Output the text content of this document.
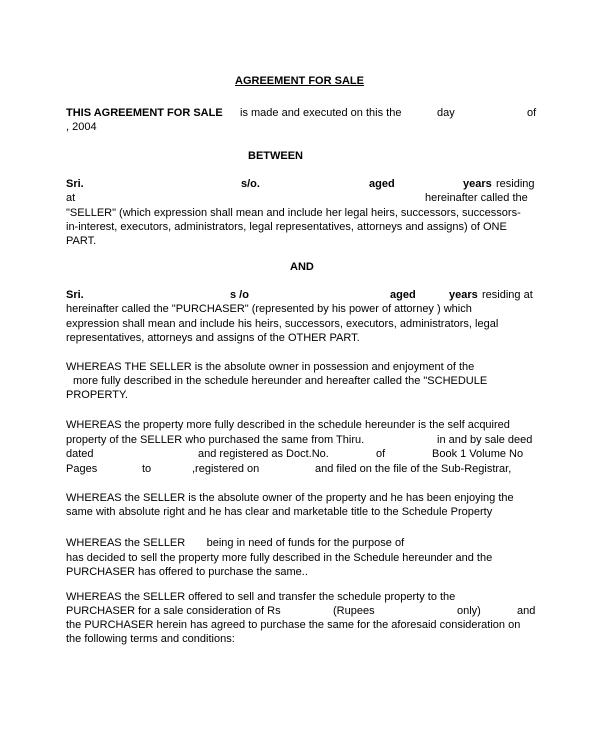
AGREEMENT FOR SALE
THIS AGREEMENT FOR SALE is made and executed on this the	day	of
, 2004
BETWEEN
Sri.	s/o.	aged	years residing
at	hereinafter called the
"SELLER" (which expression shall mean and include her legal heirs, successors, successors-
in-interest, executors, administrators, legal representatives, attorneys and assigns) of ONE
PART.
AND
Sri.	s /o	aged	years residing at
hereinafter called the "PURCHASER" (represented by his power of attorney ) which
expression shall mean and include his heirs, successors, executors, administrators, legal
representatives, attorneys and assigns of the OTHER PART.
WHEREAS THE SELLER is the absolute owner in possession and enjoyment of the
more fully described in the schedule hereunder and hereafter called the "SCHEDULE
PROPERTY.
WHEREAS the property more fully described in the schedule hereunder is the self acquired
property of the SELLER who purchased the same from Thiru.	in and by sale deed
dated	and registered as Doct.No.	of	Book 1 Volume No
Pages	to	,registered on	and filed on the file of the Sub-Registrar,
WHEREAS the SELLER is the absolute owner of the property and he has been enjoying the
same with absolute right and he has clear and marketable title to the Schedule Property
WHEREAS the SELLER       being in need of funds for the purpose of
has decided to sell the property more fully described in the Schedule hereunder and the
PURCHASER has offered to purchase the same..
WHEREAS the SELLER offered to sell and transfer the schedule property to the
PURCHASER for a sale consideration of Rs	(Rupees	only)	and
the PURCHASER herein has agreed to purchase the same for the aforesaid consideration on
the following terms and conditions:
